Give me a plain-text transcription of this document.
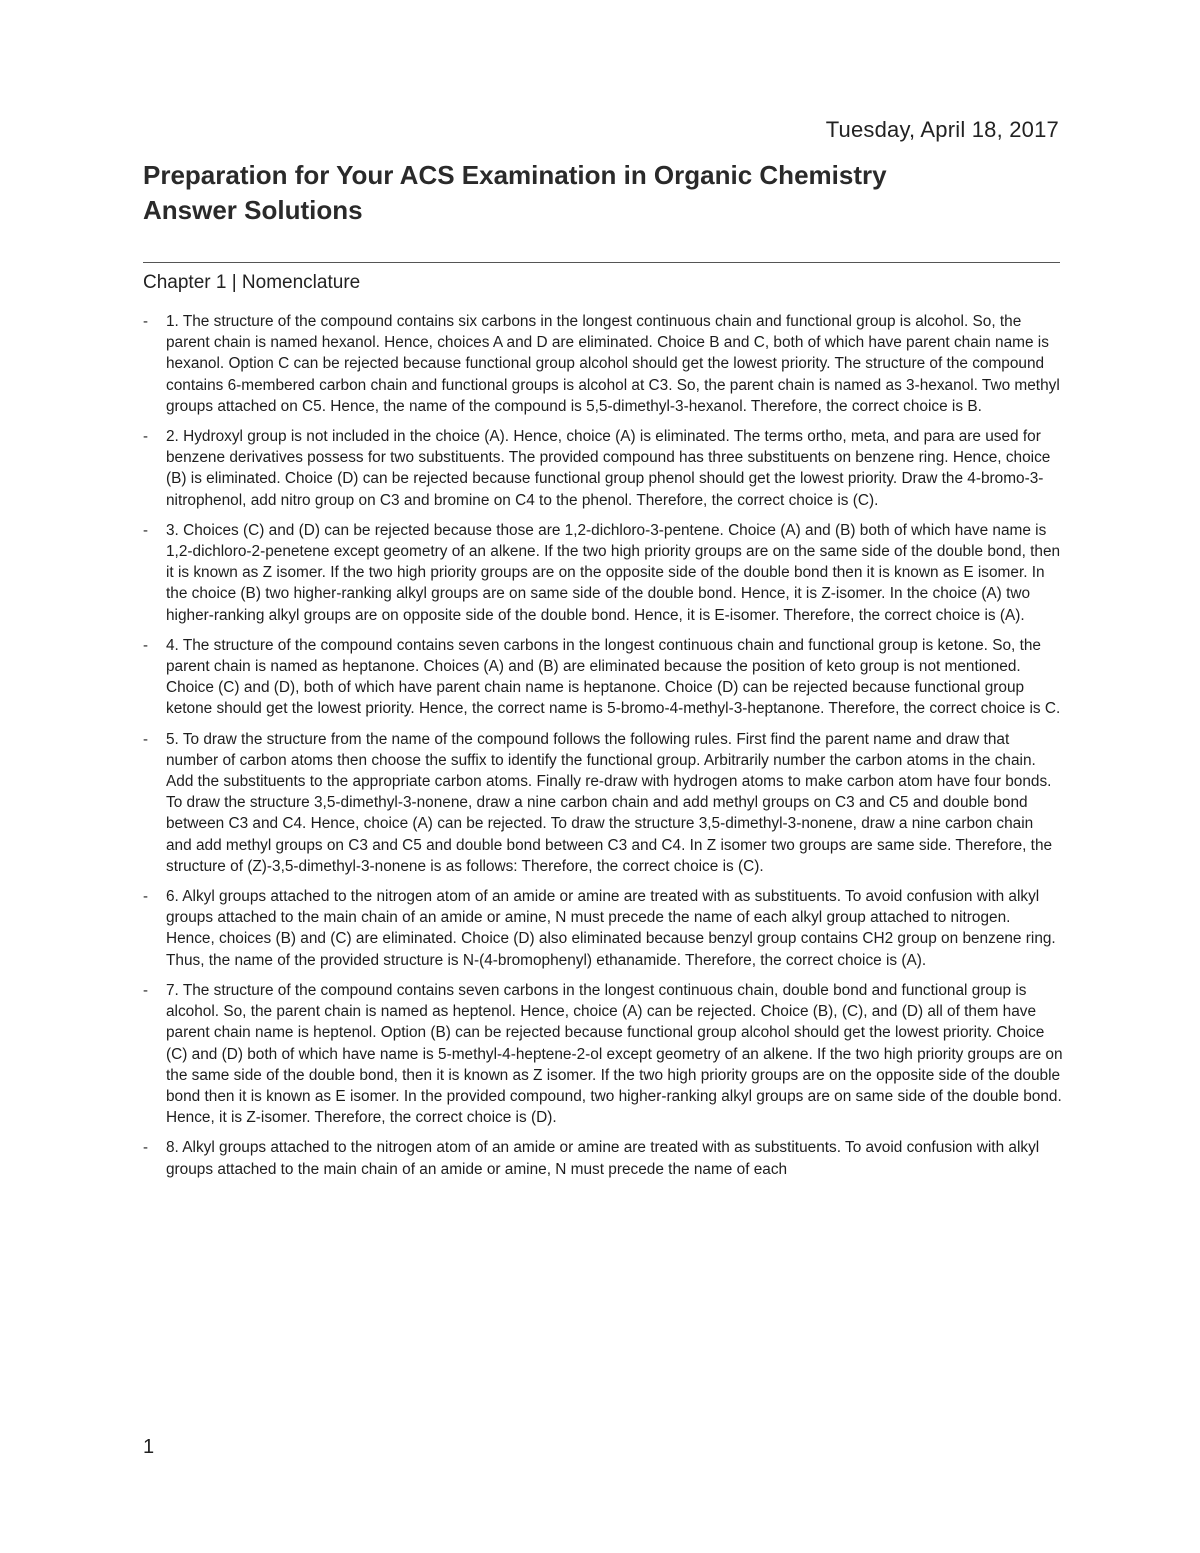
Tuesday, April 18, 2017
Preparation for Your ACS Examination in Organic Chemistry
Answer Solutions
Chapter 1 | Nomenclature
-	1. The structure of the compound contains six carbons in the longest continuous chain and functional group is alcohol. So, the parent chain is named hexanol. Hence, choices A and D are eliminated. Choice B and C, both of which have parent chain name is hexanol. Option C can be rejected because functional group alcohol should get the lowest priority. The structure of the compound contains 6-membered carbon chain and functional groups is alcohol at C3. So, the parent chain is named as 3-hexanol. Two methyl groups attached on C5. Hence, the name of the compound is 5,5-dimethyl-3-hexanol. Therefore, the correct choice is B.
-	2. Hydroxyl group is not included in the choice (A). Hence, choice (A) is eliminated. The terms ortho, meta, and para are used for benzene derivatives possess for two substituents. The provided compound has three substituents on benzene ring. Hence, choice (B) is eliminated. Choice (D) can be rejected because functional group phenol should get the lowest priority. Draw the 4-bromo-3-nitrophenol, add nitro group on C3 and bromine on C4 to the phenol. Therefore, the correct choice is (C).
-	3. Choices (C) and (D) can be rejected because those are 1,2-dichloro-3-pentene. Choice (A) and (B) both of which have name is 1,2-dichloro-2-penetene except geometry of an alkene. If the two high priority groups are on the same side of the double bond, then it is known as Z isomer. If the two high priority groups are on the opposite side of the double bond then it is known as E isomer. In the choice (B) two higher-ranking alkyl groups are on same side of the double bond. Hence, it is Z-isomer. In the choice (A) two higher-ranking alkyl groups are on opposite side of the double bond. Hence, it is E-isomer. Therefore, the correct choice is (A).
-	4. The structure of the compound contains seven carbons in the longest continuous chain and functional group is ketone. So, the parent chain is named as heptanone. Choices (A) and (B) are eliminated because the position of keto group is not mentioned. Choice (C) and (D), both of which have parent chain name is heptanone. Choice (D) can be rejected because functional group ketone should get the lowest priority. Hence, the correct name is 5-bromo-4-methyl-3-heptanone. Therefore, the correct choice is C.
-	5. To draw the structure from the name of the compound follows the following rules. First find the parent name and draw that number of carbon atoms then choose the suffix to identify the functional group. Arbitrarily number the carbon atoms in the chain. Add the substituents to the appropriate carbon atoms. Finally re-draw with hydrogen atoms to make carbon atom have four bonds. To draw the structure 3,5-dimethyl-3-nonene, draw a nine carbon chain and add methyl groups on C3 and C5 and double bond between C3 and C4. Hence, choice (A) can be rejected. To draw the structure 3,5-dimethyl-3-nonene, draw a nine carbon chain and add methyl groups on C3 and C5 and double bond between C3 and C4. In Z isomer two groups are same side. Therefore, the structure of (Z)-3,5-dimethyl-3-nonene is as follows: Therefore, the correct choice is (C).
-	6. Alkyl groups attached to the nitrogen atom of an amide or amine are treated with as substituents. To avoid confusion with alkyl groups attached to the main chain of an amide or amine, N must precede the name of each alkyl group attached to nitrogen. Hence, choices (B) and (C) are eliminated. Choice (D) also eliminated because benzyl group contains CH2 group on benzene ring. Thus, the name of the provided structure is N-(4-bromophenyl) ethanamide. Therefore, the correct choice is (A).
-	7. The structure of the compound contains seven carbons in the longest continuous chain, double bond and functional group is alcohol. So, the parent chain is named as heptenol. Hence, choice (A) can be rejected. Choice (B), (C), and (D) all of them have parent chain name is heptenol. Option (B) can be rejected because functional group alcohol should get the lowest priority. Choice (C) and (D) both of which have name is 5-methyl-4-heptene-2-ol except geometry of an alkene. If the two high priority groups are on the same side of the double bond, then it is known as Z isomer. If the two high priority groups are on the opposite side of the double bond then it is known as E isomer. In the provided compound, two higher-ranking alkyl groups are on same side of the double bond. Hence, it is Z-isomer. Therefore, the correct choice is (D).
-	8. Alkyl groups attached to the nitrogen atom of an amide or amine are treated with as substituents. To avoid confusion with alkyl groups attached to the main chain of an amide or amine, N must precede the name of each
1
